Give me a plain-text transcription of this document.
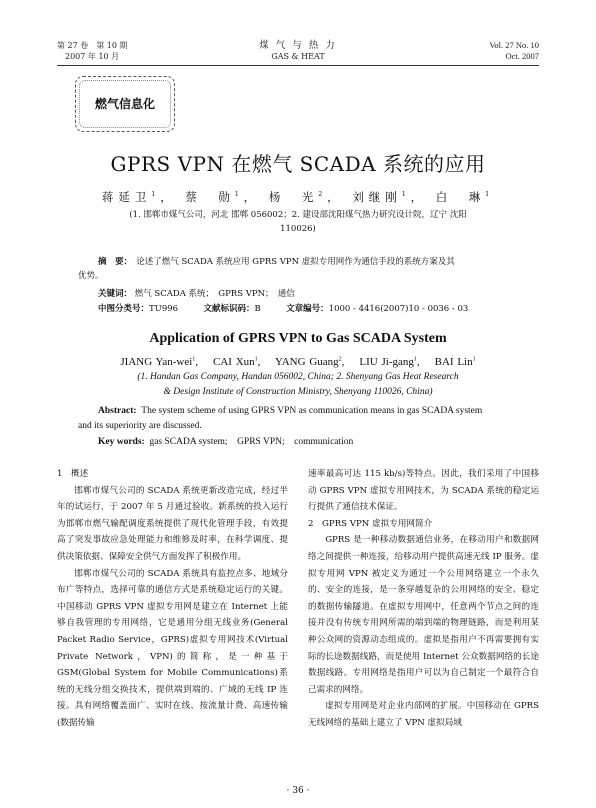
第 27 卷　第 10 期
2007 年 10 月
煤 气 与 热 力
GAS & HEAT
Vol. 27 No. 10
Oct. 2007
燃气信息化
GPRS VPN 在燃气 SCADA 系统的应用
蒋延卫$^1$， 蔡　勋$^1$， 杨　光$^2$， 刘继刚$^1$， 白　琳$^1$
(1. 邯郸市煤气公司，河北 邯郸 056002；2. 建设部沈阳煤气热力研究设计院，辽宁 沈阳
110026)
摘　要：　 论述了燃气 SCADA 系统应用 GPRS VPN 虚拟专用网作为通信手段的系统方案及其
优势。
关键词： 燃气 SCADA 系统；　GPRS VPN；　通信
中图分类号：TU996	文献标识码：B	文章编号：1000 - 4416(2007)10 - 0036 - 03
Application of GPRS VPN to Gas SCADA System
JIANG Yan-wei$^1$, CAI Xun$^1$, YANG Guang$^2$, LIU Ji-gang$^1$, BAI Lin$^1$
(1. Handan Gas Company, Handan 056002, China; 2. Shenyang Gas Heat Research
& Design Institute of Construction Ministry, Shenyang 110026, China)
Abstract: The system scheme of using GPRS VPN as communication means in gas SCADA system
and its superiority are discussed.
Key words: gas SCADA system;　GPRS VPN;　communication
1　概述

邯郸市煤气公司的 SCADA 系统更新改造完成，经过半年的试运行，于 2007 年 5 月通过验收。新系统的投入运行为邯郸市燃气输配调度系统提供了现代化管理手段，有效提高了突发事故应急处理能力和维修及时率，在科学调度、提供决策依据、保障安全供气方面发挥了积极作用。

邯郸市煤气公司的 SCADA 系统具有监控点多、地域分布广等特点，选择可靠的通信方式是系统稳定运行的关键。中国移动 GPRS VPN 虚拟专用网是建立在 Internet 上能够自我管理的专用网络，它是通用分组无线业务(General Packet Radio Service，GPRS)虚拟专用网技术(Virtual Private Network，VPN)的简称，是一种基于 GSM(Global System for Mobile Communications)系统的无线分组交换技术，提供端到端的、广域的无线 IP 连接。具有网络覆盖面广、实时在线、按流量计费、高速传输(数据传输

速率最高可达 115 kb/s)等特点。因此，我们采用了中国移动 GPRS VPN 虚拟专用网技术，为 SCADA 系统的稳定运行提供了通信技术保证。
2　GPRS VPN 虚拟专用网简介

GPRS 是一种移动数据通信业务，在移动用户和数据网络之间提供一种连接，给移动用户提供高速无线 IP 服务。虚拟专用网 VPN 被定义为通过一个公用网络建立一个永久的、安全的连接，是一条穿越复杂的公用网络的安全、稳定的数据传输隧道。在虚拟专用网中，任意两个节点之间的连接并没有传统专用网所需的端到端的物理链路，而是利用某种公众网的资源动态组成的。虚拟是指用户不再需要拥有实际的长途数据线路，而是使用 Internet 公众数据网络的长途数据线路。专用网络是指用户可以为自己制定一个最符合自己需求的网络。

虚拟专用网是对企业内部网的扩展。中国移动在 GPRS 无线网络的基础上建立了 VPN 虚拟局域

· 36 ·
